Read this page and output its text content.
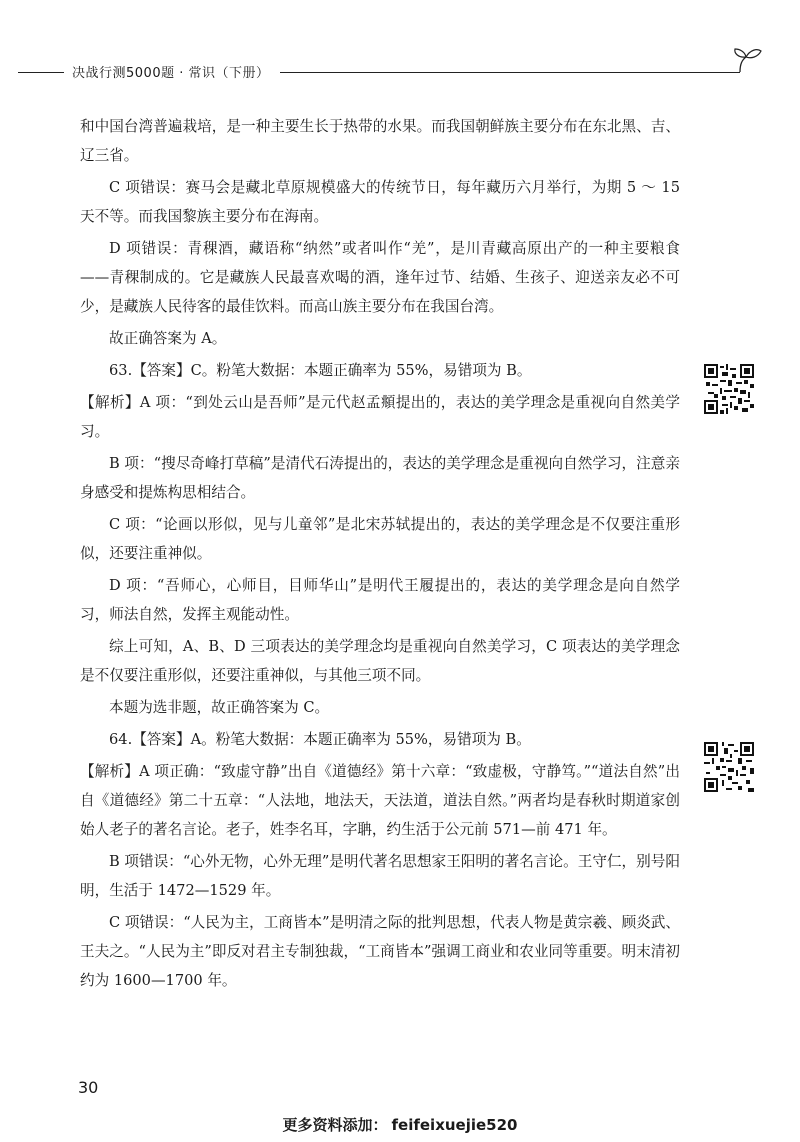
决战行测5000题 · 常识（下册）

和中国台湾普遍栽培，是一种主要生长于热带的水果。而我国朝鲜族主要分布在东北黑、吉、辽三省。

C 项错误：赛马会是藏北草原规模盛大的传统节日，每年藏历六月举行，为期 5 ～ 15 天不等。而我国黎族主要分布在海南。

D 项错误：青稞酒，藏语称“纳然”或者叫作“羌”，是川青藏高原出产的一种主要粮食——青稞制成的。它是藏族人民最喜欢喝的酒，逢年过节、结婚、生孩子、迎送亲友必不可少，是藏族人民待客的最佳饮料。而高山族主要分布在我国台湾。

故正确答案为 A。

63.【答案】C。粉笔大数据：本题正确率为 55%，易错项为 B。

【解析】A 项：“到处云山是吾师”是元代赵孟頫提出的，表达的美学理念是重视向自然美学习。

B 项：“搜尽奇峰打草稿”是清代石涛提出的，表达的美学理念是重视向自然学习，注意亲身感受和提炼构思相结合。

C 项：“论画以形似，见与儿童邻”是北宋苏轼提出的，表达的美学理念是不仅要注重形似，还要注重神似。

D 项：“吾师心，心师目，目师华山”是明代王履提出的，表达的美学理念是向自然学习，师法自然，发挥主观能动性。

综上可知，A、B、D 三项表达的美学理念均是重视向自然美学习，C 项表达的美学理念是不仅要注重形似，还要注重神似，与其他三项不同。

本题为选非题，故正确答案为 C。

64.【答案】A。粉笔大数据：本题正确率为 55%，易错项为 B。

【解析】A 项正确：“致虚守静”出自《道德经》第十六章：“致虚极，守静笃。”“道法自然”出自《道德经》第二十五章：“人法地，地法天，天法道，道法自然。”两者均是春秋时期道家创始人老子的著名言论。老子，姓李名耳，字聃，约生活于公元前 571—前 471 年。

B 项错误：“心外无物，心外无理”是明代著名思想家王阳明的著名言论。王守仁，别号阳明，生活于 1472—1529 年。

C 项错误：“人民为主，工商皆本”是明清之际的批判思想，代表人物是黄宗羲、顾炎武、王夫之。“人民为主”即反对君主专制独裁，“工商皆本”强调工商业和农业同等重要。明末清初约为 1600—1700 年。

30
更多资料添加： feifeixuejie520
